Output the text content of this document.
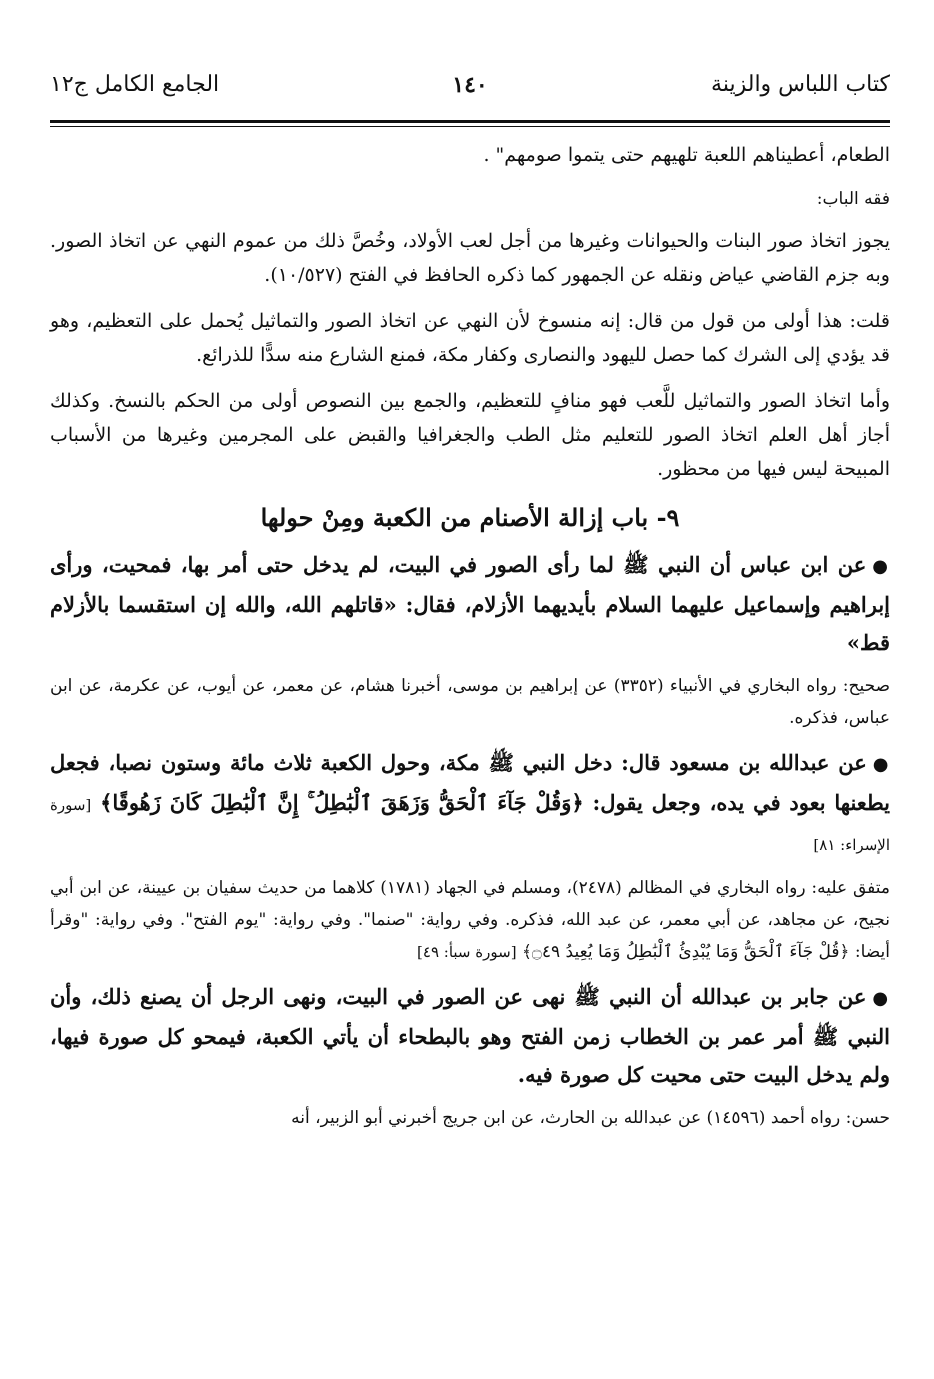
كتاب اللباس والزينة
١٤٠
الجامع الكامل ج١٢

الطعام، أعطيناهم اللعبة تلهيهم حتى يتموا صومهم" .

فقه الباب:

يجوز اتخاذ صور البنات والحيوانات وغيرها من أجل لعب الأولاد، وخُصَّ ذلك من عموم النهي عن اتخاذ الصور. وبه جزم القاضي عياض ونقله عن الجمهور كما ذكره الحافظ في الفتح (١٠/٥٢٧).

قلت: هذا أولى من قول من قال: إنه منسوخ لأن النهي عن اتخاذ الصور والتماثيل يُحمل على التعظيم، وهو قد يؤدي إلى الشرك كما حصل لليهود والنصارى وكفار مكة، فمنع الشارع منه سدًّا للذرائع.

وأما اتخاذ الصور والتماثيل للَّعب فهو منافٍ للتعظيم، والجمع بين النصوص أولى من الحكم بالنسخ. وكذلك أجاز أهل العلم اتخاذ الصور للتعليم مثل الطب والجغرافيا والقبض على المجرمين وغيرها من الأسباب المبيحة ليس فيها من محظور.

٩- باب إزالة الأصنام من الكعبة ومِنْ حولها

●عن ابن عباس أن النبي ﷺ لما رأى الصور في البيت، لم يدخل حتى أمر بها، فمحيت، ورأى إبراهيم وإسماعيل عليهما السلام بأيديهما الأزلام، فقال: «قاتلهم الله، والله إن استقسما بالأزلام قط»

صحيح: رواه البخاري في الأنبياء (٣٣٥٢) عن إبراهيم بن موسى، أخبرنا هشام، عن معمر، عن أيوب، عن عكرمة، عن ابن عباس، فذكره.

●عن عبدالله بن مسعود قال: دخل النبي ﷺ مكة، وحول الكعبة ثلاث مائة وستون نصبا، فجعل يطعنها بعود في يده، وجعل يقول: ﴿وَقُلْ جَآءَ ٱلْحَقُّ وَزَهَقَ ٱلْبَٰطِلُ ۚ إِنَّ ٱلْبَٰطِلَ كَانَ زَهُوقًا﴾ [سورة الإسراء: ٨١]

متفق عليه: رواه البخاري في المظالم (٢٤٧٨)، ومسلم في الجهاد (١٧٨١) كلاهما من حديث سفيان بن عيينة، عن ابن أبي نجيح، عن مجاهد، عن أبي معمر، عن عبد الله، فذكره. وفي رواية: "صنما". وفي رواية: "يوم الفتح". وفي رواية: "وقرأ أيضا: ﴿قُلْ جَآءَ ٱلْحَقُّ وَمَا يُبْدِئُ ٱلْبَٰطِلُ وَمَا يُعِيدُ ۝٤٩﴾ [سورة سبأ: ٤٩]

●عن جابر بن عبدالله أن النبي ﷺ نهى عن الصور في البيت، ونهى الرجل أن يصنع ذلك، وأن النبي ﷺ أمر عمر بن الخطاب زمن الفتح وهو بالبطحاء أن يأتي الكعبة، فيمحو كل صورة فيها، ولم يدخل البيت حتى محيت كل صورة فيه.

حسن: رواه أحمد (١٤٥٩٦) عن عبدالله بن الحارث، عن ابن جريج أخبرني أبو الزبير، أنه
